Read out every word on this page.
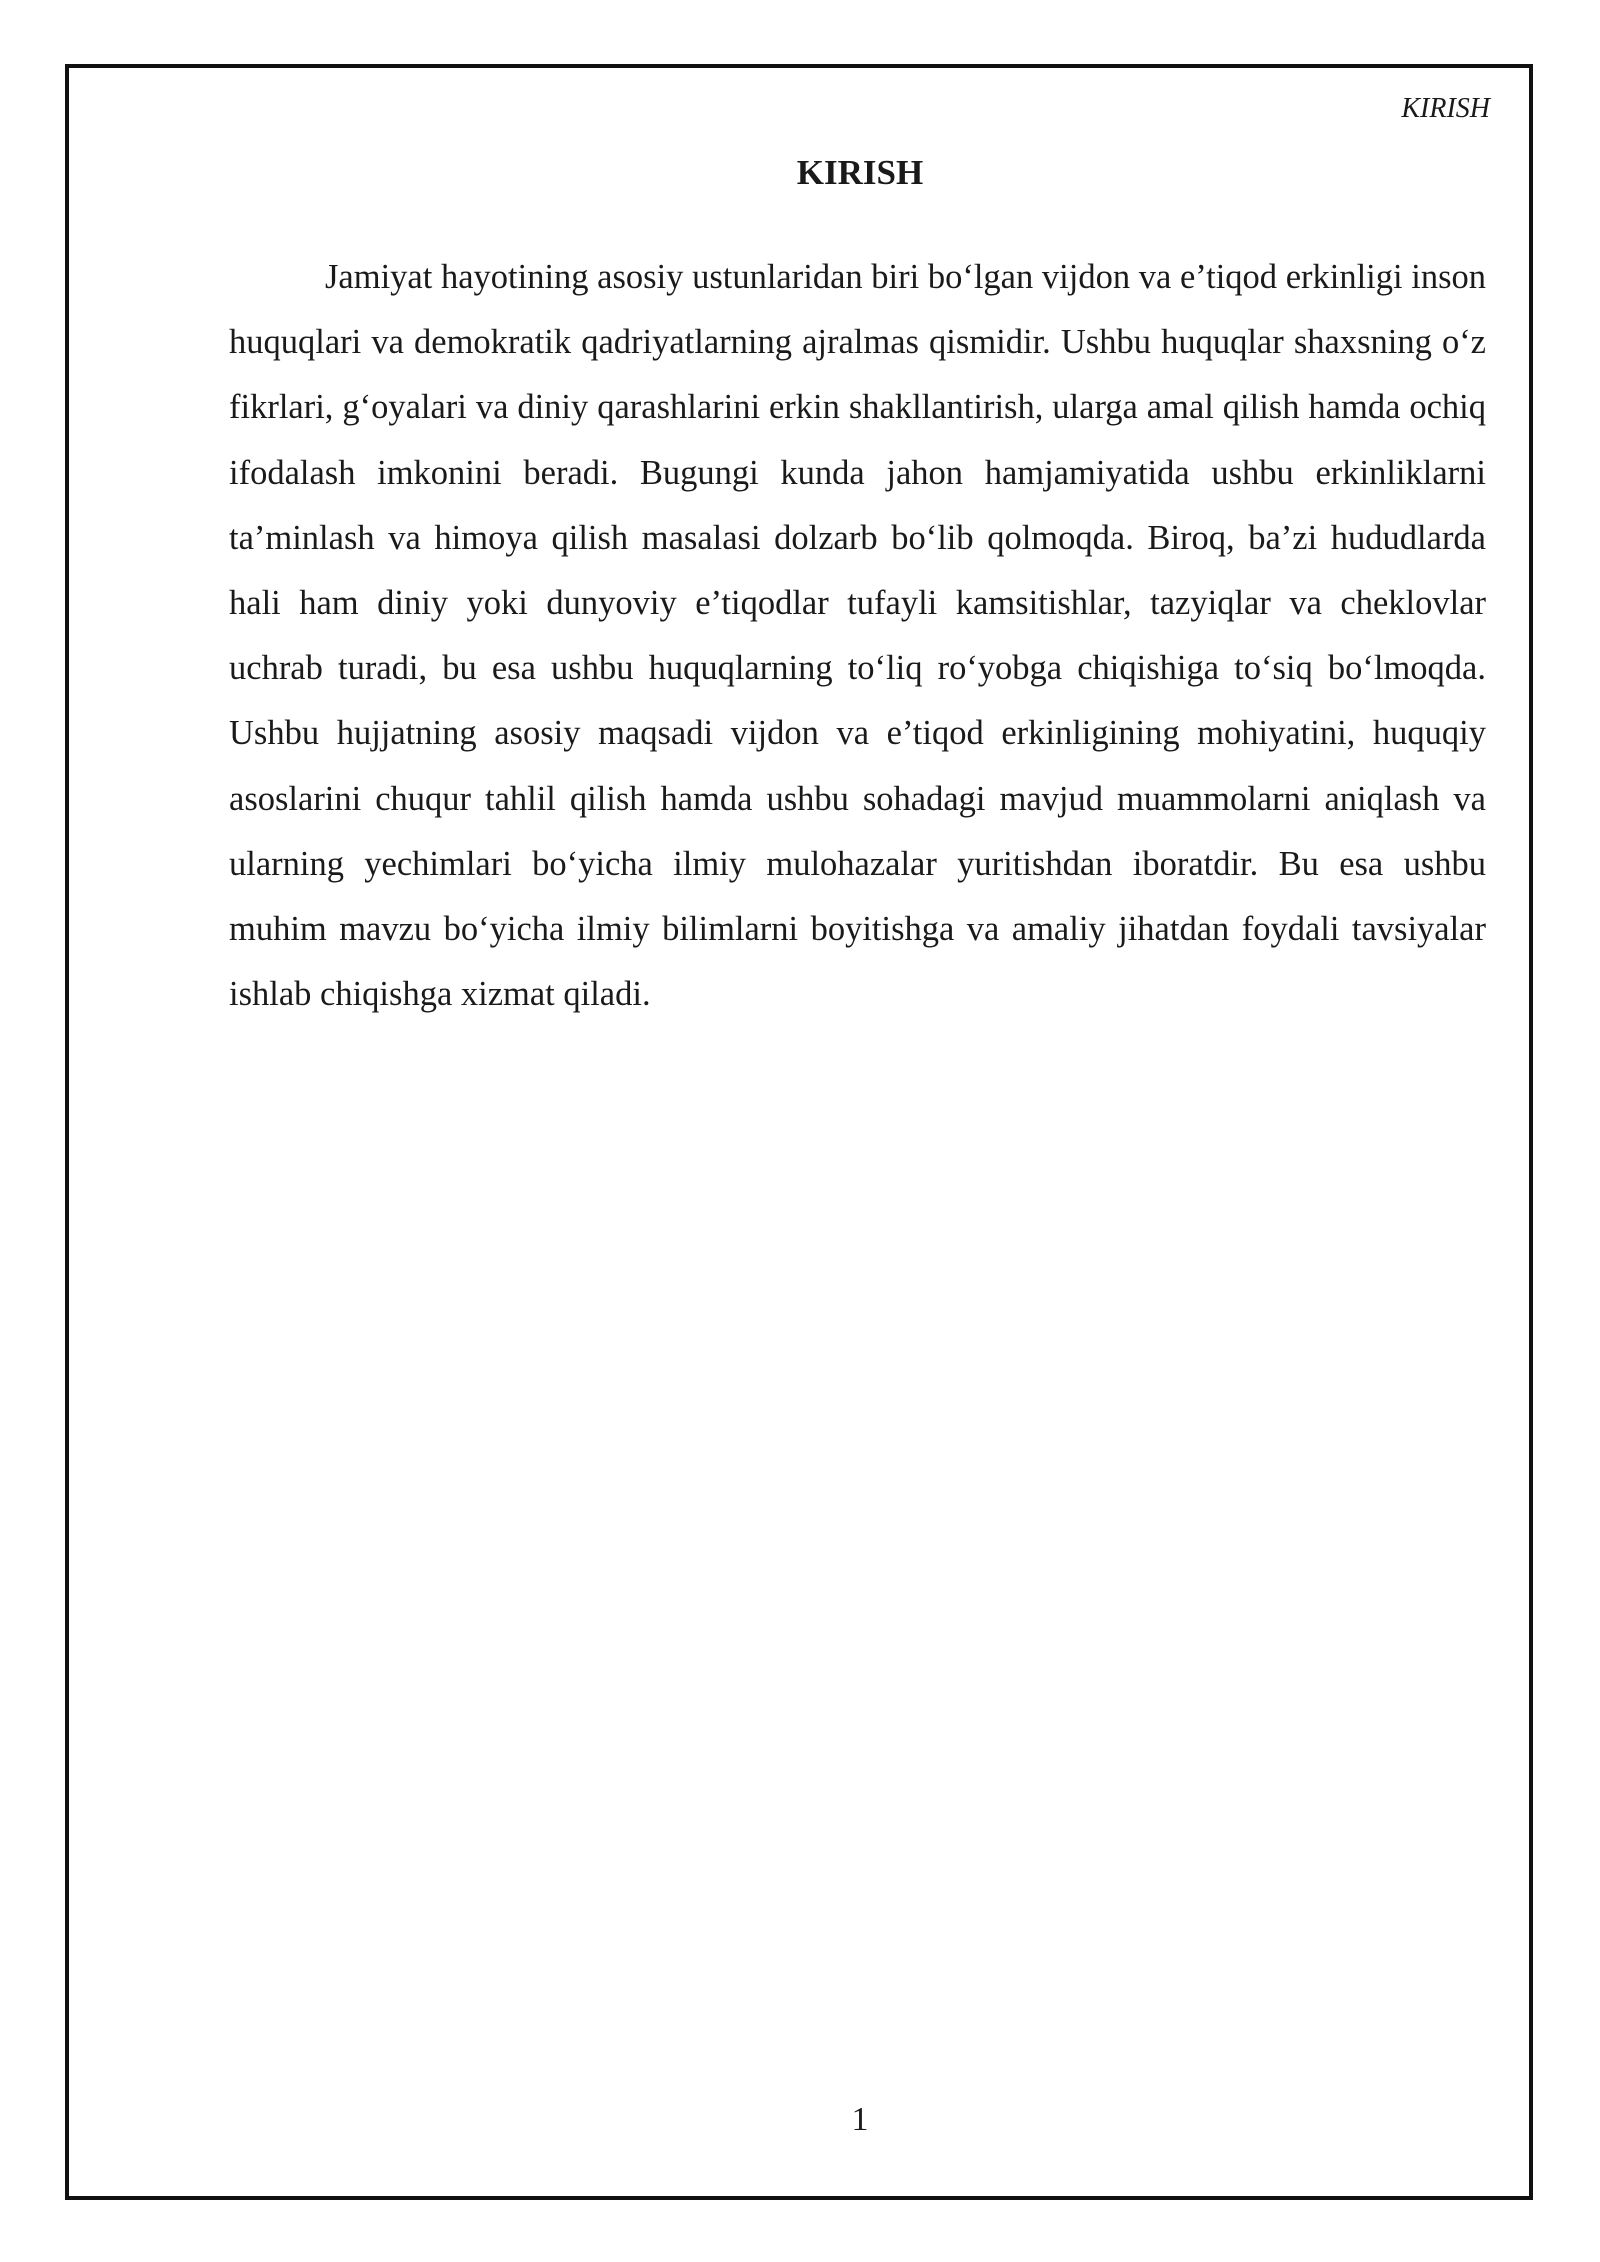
KIRISH
KIRISH

Jamiyat hayotining asosiy ustunlaridan biri bo‘lgan vijdon va e’tiqod erkinligi inson huquqlari va demokratik qadriyatlarning ajralmas qismidir. Ushbu huquqlar shaxsning o‘z fikrlari, g‘oyalari va diniy qarashlarini erkin shakllantirish, ularga amal qilish hamda ochiq ifodalash imkonini beradi. Bugungi kunda jahon hamjamiyatida ushbu erkinliklarni ta’minlash va himoya qilish masalasi dolzarb bo‘lib qolmoqda. Biroq, ba’zi hududlarda hali ham diniy yoki dunyoviy e’tiqodlar tufayli kamsitishlar, tazyiqlar va cheklovlar uchrab turadi, bu esa ushbu huquqlarning to‘liq ro‘yobga chiqishiga to‘siq bo‘lmoqda. Ushbu hujjatning asosiy maqsadi vijdon va e’tiqod erkinligining mohiyatini, huquqiy asoslarini chuqur tahlil qilish hamda ushbu sohadagi mavjud muammolarni aniqlash va ularning yechimlari bo‘yicha ilmiy mulohazalar yuritishdan iboratdir. Bu esa ushbu muhim mavzu bo‘yicha ilmiy bilimlarni boyitishga va amaliy jihatdan foydali tavsiyalar ishlab chiqishga xizmat qiladi.

1
